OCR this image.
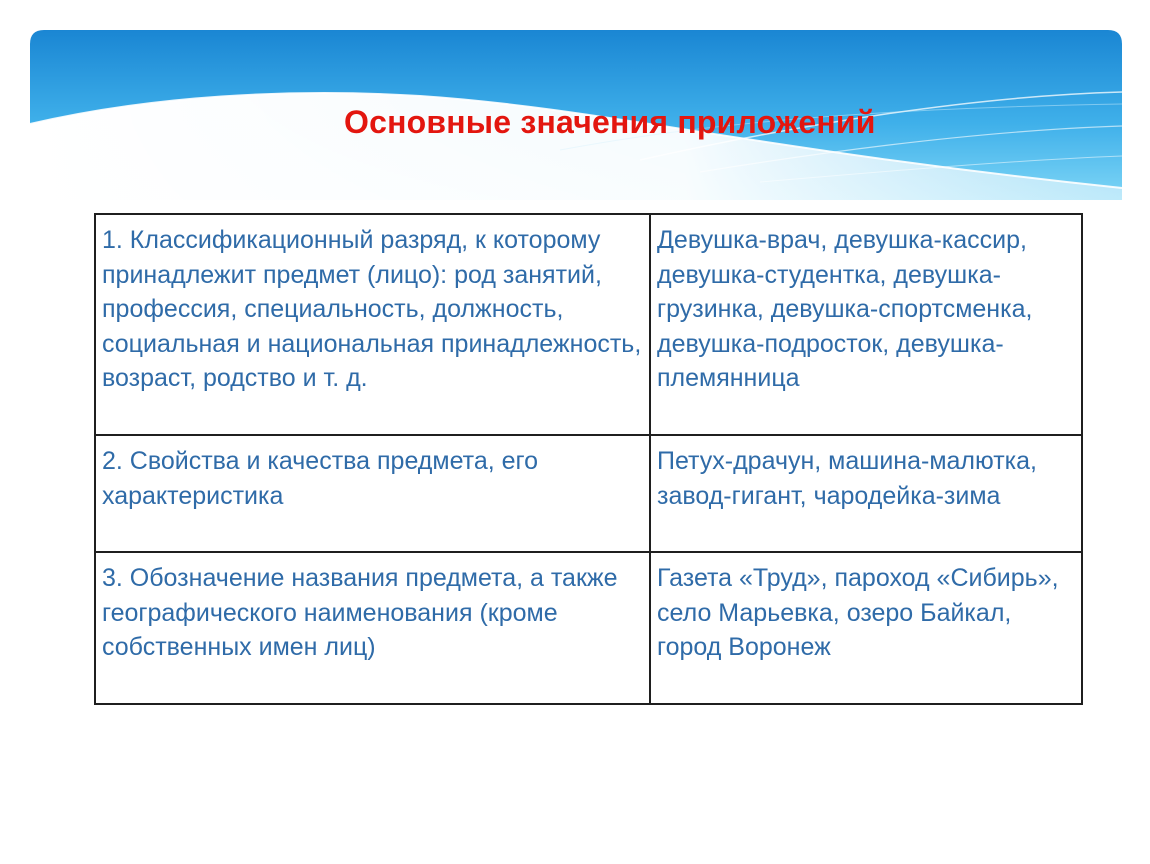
Основные значения приложений
1. Классификационный разряд, к которому принадлежит предмет (лицо): род занятий, профессия, специальность, должность, социальная и национальная принадлежность, возраст, родство и т. д.	Девушка-врач, девушка-кассир, девушка-студентка, девушка-грузинка, девушка-спортсменка, девушка-подросток, девушка-племянница
2. Свойства и качества предмета, его характеристика	Петух-драчун, машина-малютка, завод-гигант, чародейка-зима
3. Обозначение названия предмета, а также географического наименования (кроме собственных имен лиц)	Газета «Труд», пароход «Сибирь», село Марьевка, озеро Байкал, город Воронеж
